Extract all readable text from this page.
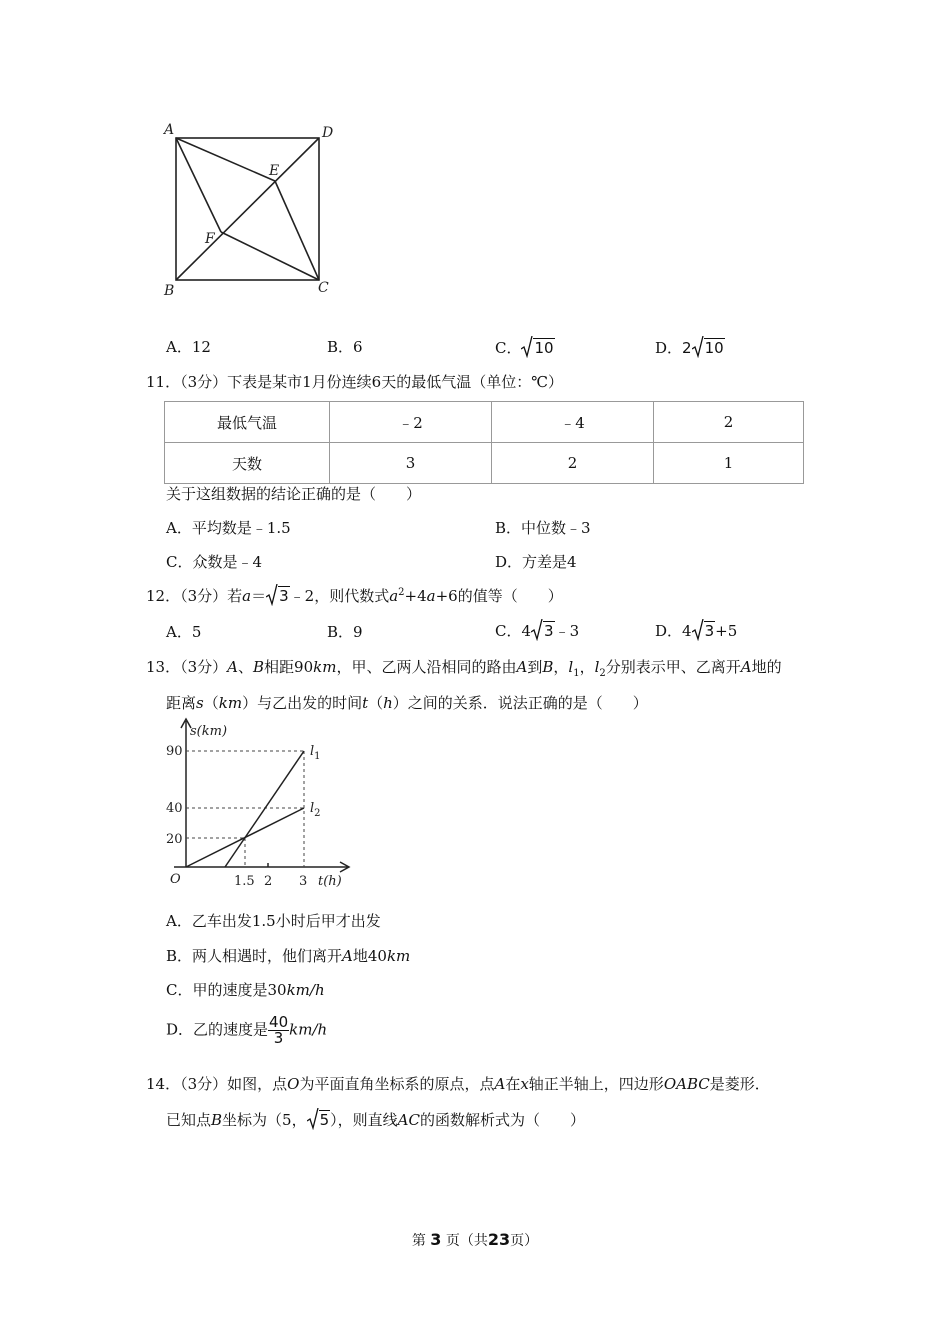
A	D
E
F
B	C
A．12	B．6	C． 10	D．2 10
11．（3分）下表是某市1月份连续6天的最低气温（单位：℃）
最低气温	﹣2	﹣4	2
天数	3	2	1
关于这组数据的结论正确的是（　　）
A．平均数是﹣1.5	B．中位数﹣3
C．众数是﹣4	D．方差是4
12．（3分）若a＝ 3﹣2，则代数式$a^2+4a+6$的值等（　　）
A．5	B．9	C．4 3﹣3	D．4 3+5
13．（3分）A、B相距90km，甲、乙两人沿相同的路由A到B，$l_1$，$l_2$分别表示甲、乙离开A地的
距离s（km）与乙出发的时间t（h）之间的关系．说法正确的是（　　）
s(km)
t(h)
O
90
40
20
1.5 2 3
$l_1$
$l_2$
A．乙车出发1.5小时后甲才出发
B．两人相遇时，他们离开A地40km
C．甲的速度是30km/h
D．乙的速度是 $\frac{40}{3} km/h$
14．（3分）如图，点O为平面直角坐标系的原点，点A在x轴正半轴上，四边形OABC是菱形．
已知点B坐标为（5， 5），则直线AC的函数解析式为（　　）
第 3 页（共23页）
